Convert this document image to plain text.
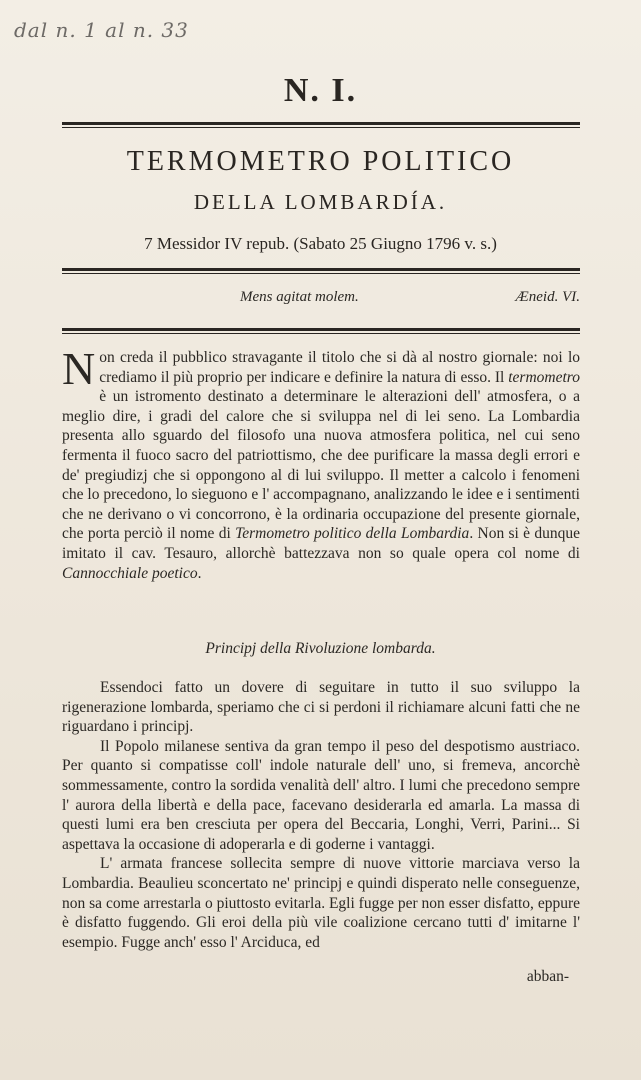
dal n. 1 al n. 33
N. I.
TERMOMETRO POLITICO
DELLA LOMBARDÍA.
7 Messidor IV repub. (Sabato 25 Giugno 1796 v. s.)
Mens agitat molem.	Æneid. VI.
Non creda il pubblico stravagante il titolo che si dà al nostro giornale: noi lo crediamo il più proprio per indicare e definire la natura di esso. Il termometro è un istromento destinato a determinare le alterazioni dell' atmosfera, o a meglio dire, i gradi del calore che si sviluppa nel di lei seno. La Lombardia presenta allo sguardo del filosofo una nuova atmosfera politica, nel cui seno fermenta il fuoco sacro del patriottismo, che dee purificare la massa degli errori e de' pregiudizj che si oppongono al di lui sviluppo. Il metter a calcolo i fenomeni che lo precedono, lo sieguono e l' accompagnano, analizzando le idee e i sentimenti che ne derivano o vi concorrono, è la ordinaria occupazione del presente giornale, che porta perciò il nome di Termometro politico della Lombardia. Non si è dunque imitato il cav. Tesauro, allorchè battezzava non so quale opera col nome di Cannocchiale poetico.
Principj della Rivoluzione lombarda.

Essendoci fatto un dovere di seguitare in tutto il suo sviluppo la rigenerazione lombarda, speriamo che ci si perdoni il richiamare alcuni fatti che ne riguardano i principj.

Il Popolo milanese sentiva da gran tempo il peso del despotismo austriaco. Per quanto si compatisse coll' indole naturale dell' uno, si fremeva, ancorchè sommessamente, contro la sordida venalità dell' altro. I lumi che precedono sempre l' aurora della libertà e della pace, facevano desiderarla ed amarla. La massa di questi lumi era ben cresciuta per opera del Beccaria, Longhi, Verri, Parini... Si aspettava la occasione di adoperarla e di goderne i vantaggi.

L' armata francese sollecita sempre di nuove vittorie marciava verso la Lombardia. Beaulieu sconcertato ne' principj e quindi disperato nelle conseguenze, non sa come arrestarla o piuttosto evitarla. Egli fugge per non esser disfatto, eppure è disfatto fuggendo. Gli eroi della più vile coalizione cercano tutti d' imitarne l' esempio. Fugge anch' esso l' Arciduca, ed

abban-
